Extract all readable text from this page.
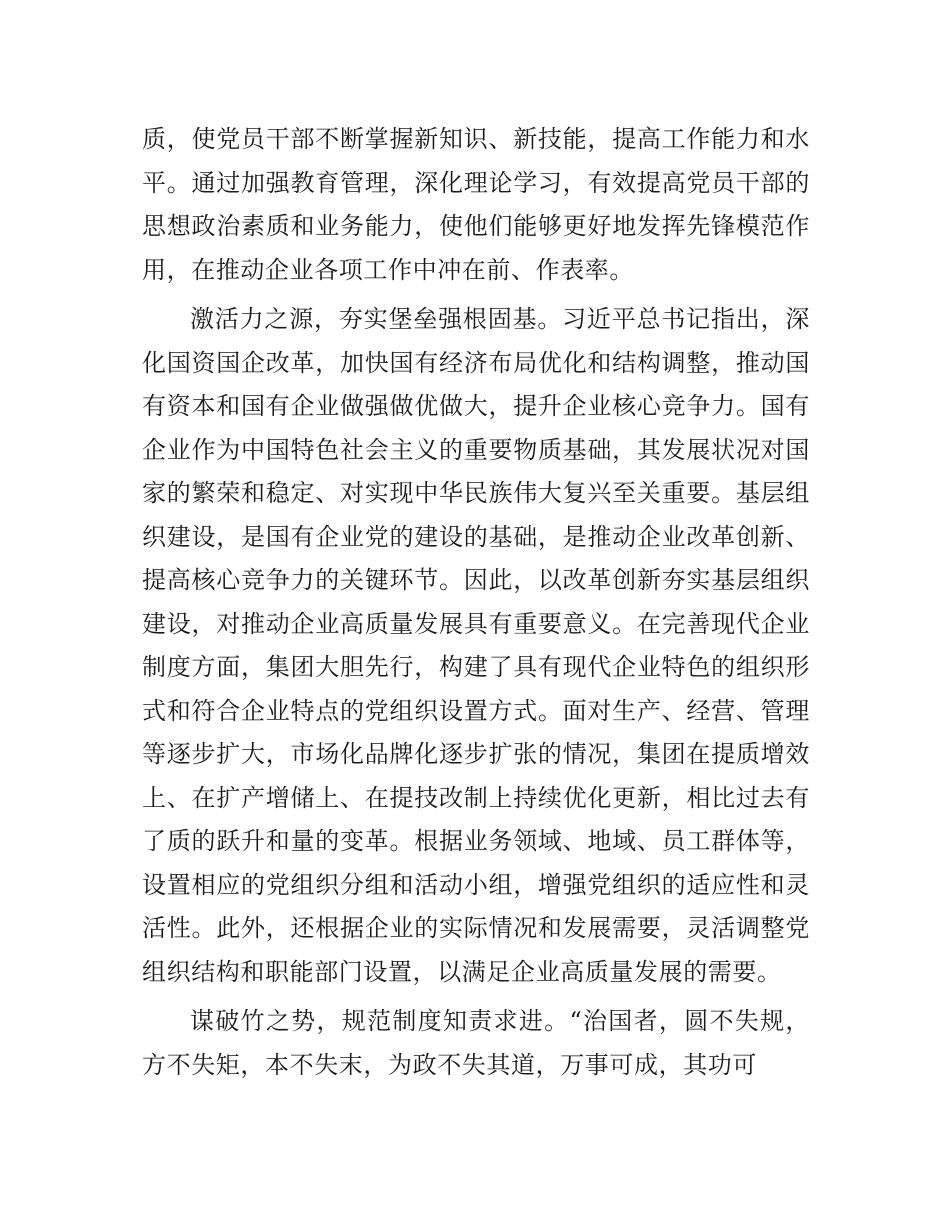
质，使党员干部不断掌握新知识、新技能，提高工作能力和水平。通过加强教育管理，深化理论学习，有效提高党员干部的思想政治素质和业务能力，使他们能够更好地发挥先锋模范作用，在推动企业各项工作中冲在前、作表率。

激活力之源，夯实堡垒强根固基。习近平总书记指出，深化国资国企改革，加快国有经济布局优化和结构调整，推动国有资本和国有企业做强做优做大，提升企业核心竞争力。国有企业作为中国特色社会主义的重要物质基础，其发展状况对国家的繁荣和稳定、对实现中华民族伟大复兴至关重要。基层组织建设，是国有企业党的建设的基础，是推动企业改革创新、提高核心竞争力的关键环节。因此，以改革创新夯实基层组织建设，对推动企业高质量发展具有重要意义。在完善现代企业制度方面，集团大胆先行，构建了具有现代企业特色的组织形式和符合企业特点的党组织设置方式。面对生产、经营、管理等逐步扩大，市场化品牌化逐步扩张的情况，集团在提质增效上、在扩产增储上、在提技改制上持续优化更新，相比过去有了质的跃升和量的变革。根据业务领域、地域、员工群体等，设置相应的党组织分组和活动小组，增强党组织的适应性和灵活性。此外，还根据企业的实际情况和发展需要，灵活调整党组织结构和职能部门设置，以满足企业高质量发展的需要。

谋破竹之势，规范制度知责求进。“治国者，圆不失规，方不失矩，本不失末，为政不失其道，万事可成，其功可
